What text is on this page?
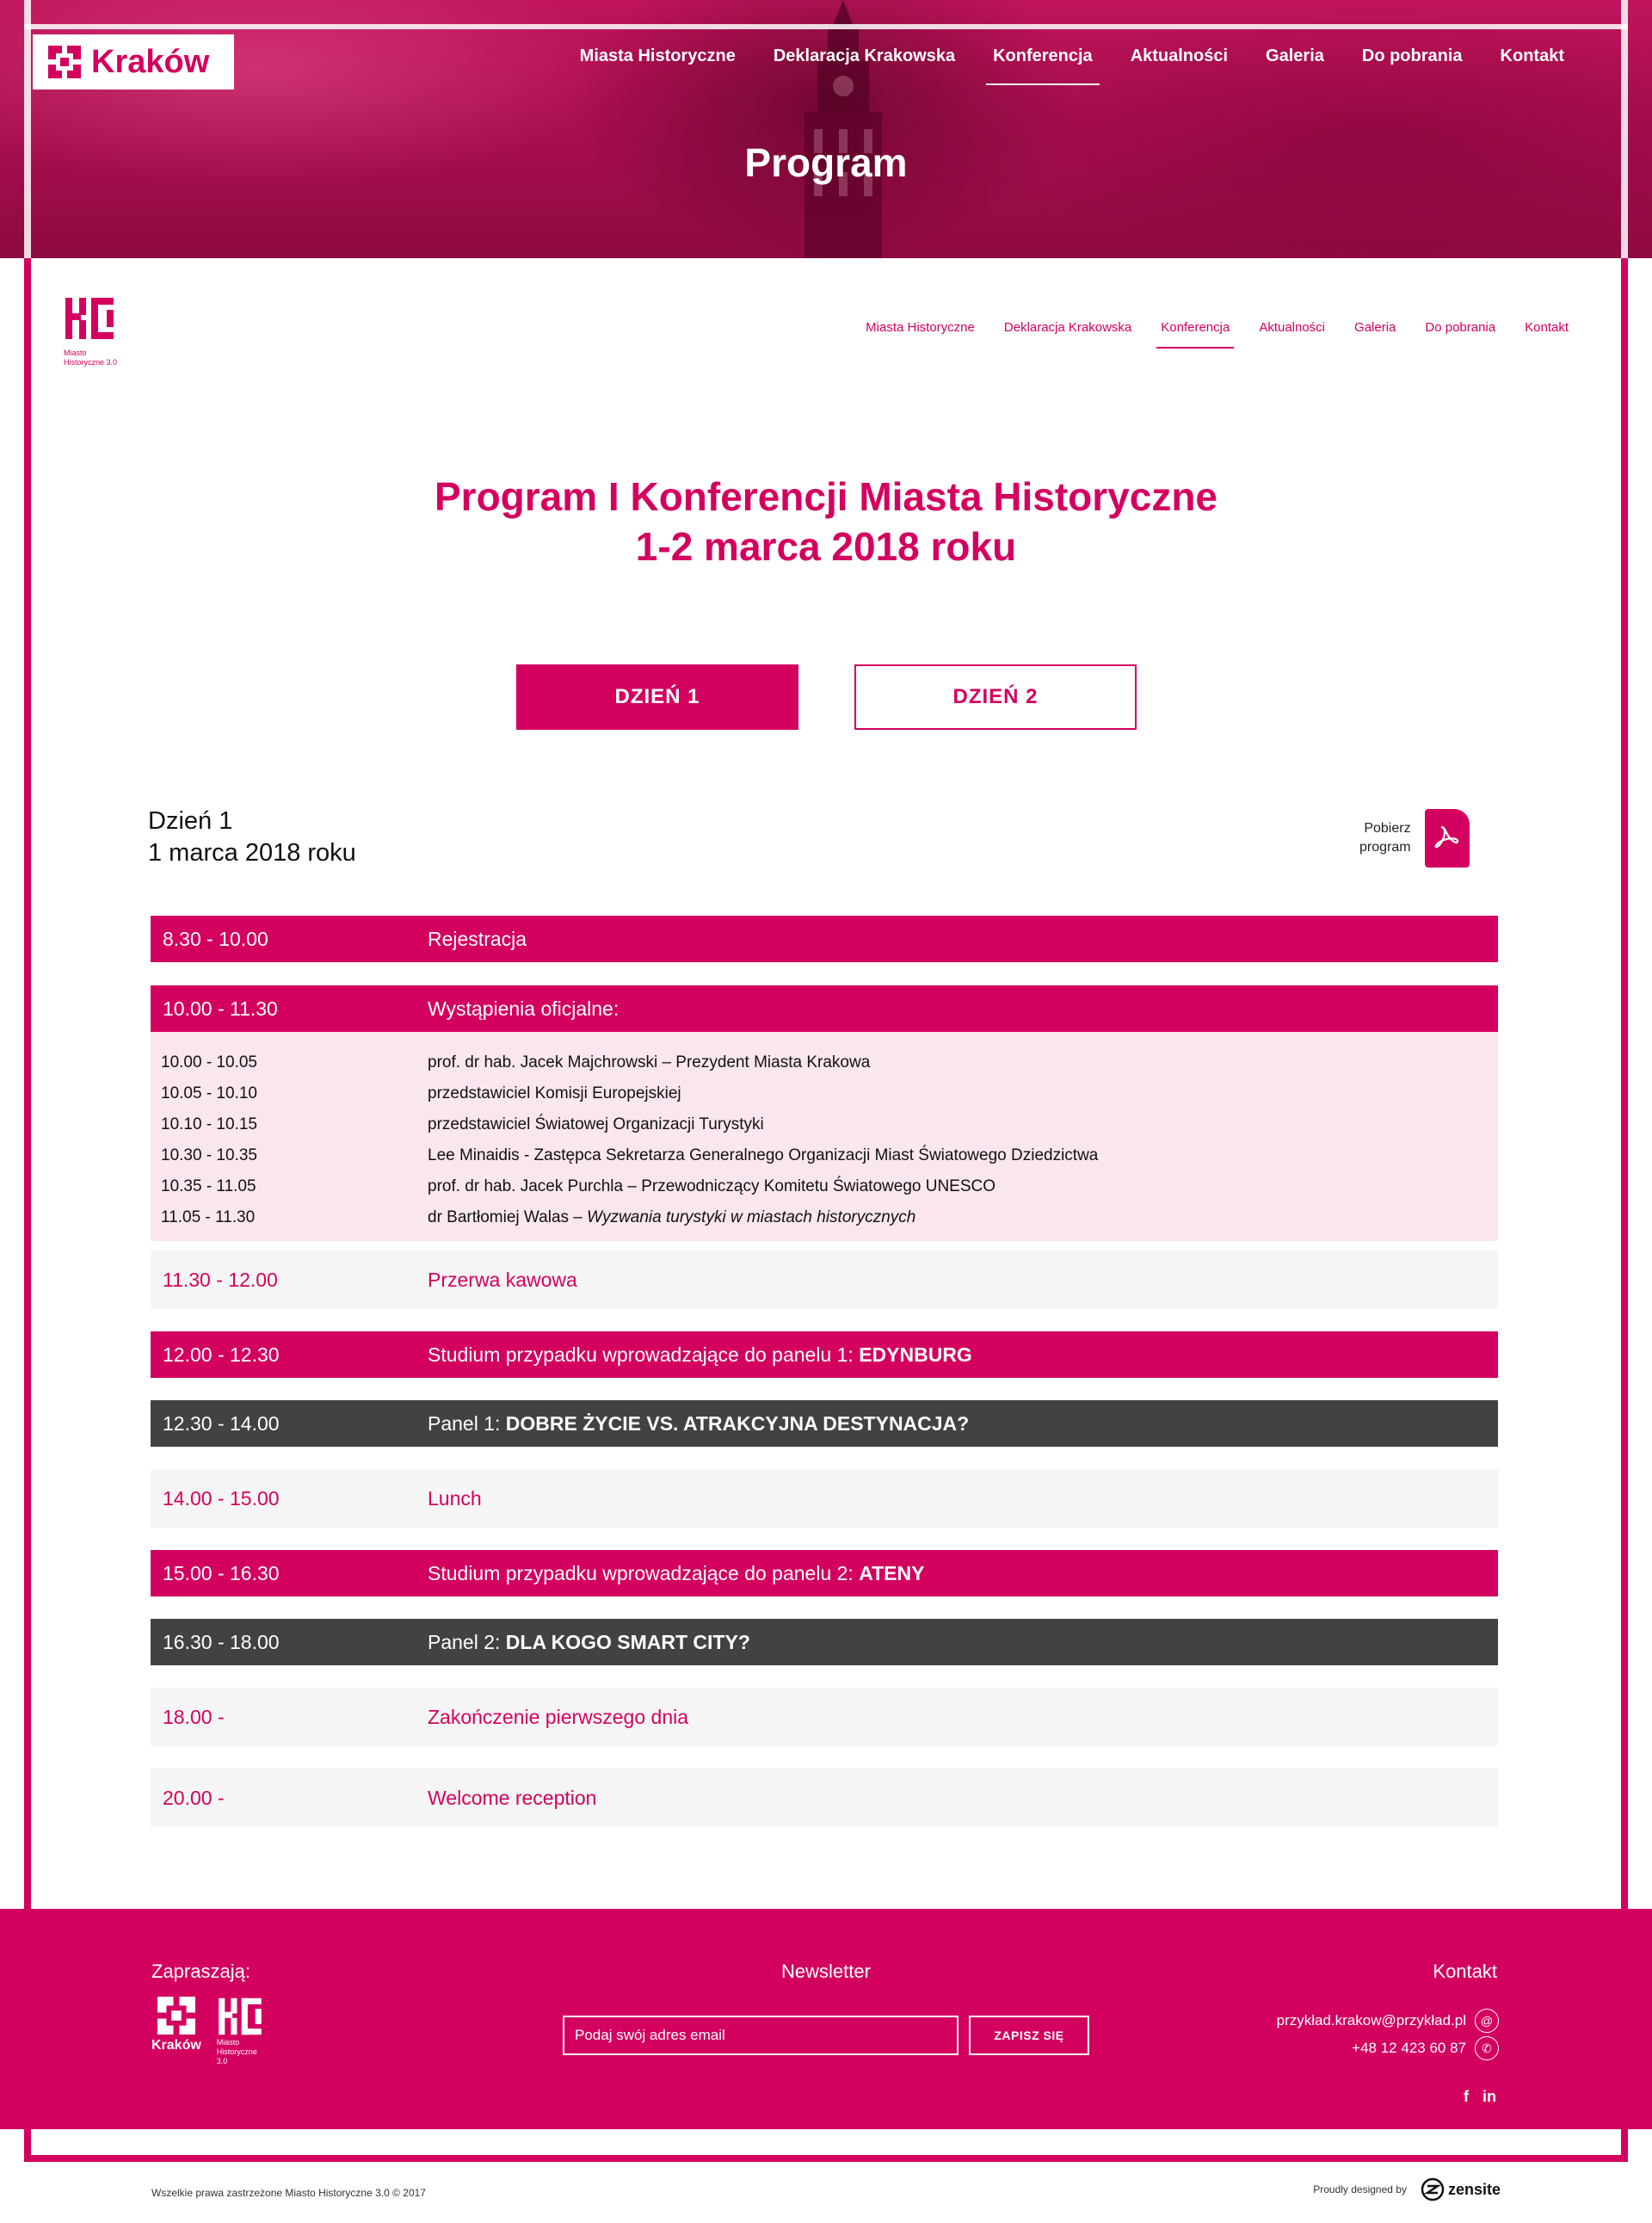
Kraków	Miasta Historyczne	Deklaracja Krakowska	Konferencja	Aktualności	Galeria	Do pobrania	Kontakt
Program
Miasto Historyczne 3.0
Miasta Historyczne	Deklaracja Krakowska	Konferencja	Aktualności	Galeria	Do pobrania	Kontakt
Program I Konferencji Miasta Historyczne
1-2 marca 2018 roku
DZIEŃ 1	DZIEŃ 2
Dzień 1
1 marca 2018 roku
Pobierz
program
8.30 - 10.00	Rejestracja
10.00 - 11.30	Wystąpienia oficjalne:
10.00 - 10.05	prof. dr hab. Jacek Majchrowski – Prezydent Miasta Krakowa
10.05 - 10.10	przedstawiciel Komisji Europejskiej
10.10 - 10.15	przedstawiciel Światowej Organizacji Turystyki
10.30 - 10.35	Lee Minaidis - Zastępca Sekretarza Generalnego Organizacji Miast Światowego Dziedzictwa
10.35 - 11.05	prof. dr hab. Jacek Purchla – Przewodniczący Komitetu Światowego UNESCO
11.05 - 11.30	dr Bartłomiej Walas – Wyzwania turystyki w miastach historycznych
11.30 - 12.00	Przerwa kawowa
12.00 - 12.30	Studium przypadku wprowadzające do panelu 1: EDYNBURG
12.30 - 14.00	Panel 1: DOBRE ŻYCIE VS. ATRAKCYJNA DESTYNACJA?
14.00 - 15.00	Lunch
15.00 - 16.30	Studium przypadku wprowadzające do panelu 2: ATENY
16.30 - 18.00	Panel 2: DLA KOGO SMART CITY?
18.00 -	Zakończenie pierwszego dnia
20.00 -	Welcome reception
Zapraszają:
Kraków Miasto Historyczne 3.0
Newsletter
Podaj swój adres email	ZAPISZ SIĘ
Kontakt
przykład.krakow@przykład.pl	@
+48 12 423 60 87	✆
f in
Wszelkie prawa zastrzeżone Miasto Historyczne 3.0 © 2017	Proudly designed by	zensite
